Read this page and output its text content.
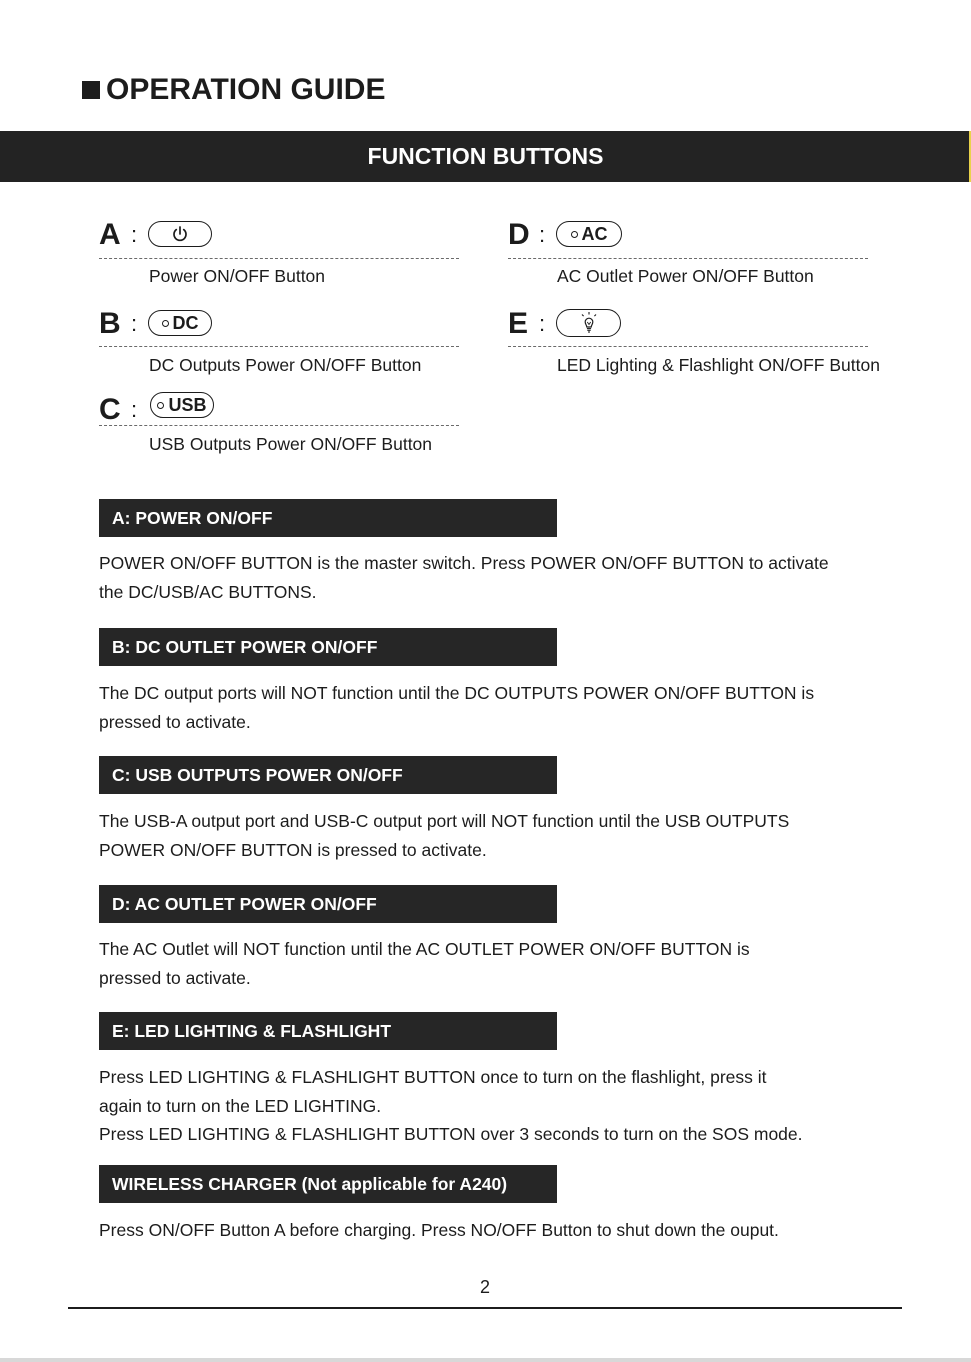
OPERATION GUIDE
FUNCTION BUTTONS
A :
Power ON/OFF Button
B : DC
DC Outputs Power ON/OFF Button
C : USB
USB Outputs Power ON/OFF Button
D : AC
AC Outlet Power ON/OFF Button
E :
LED Lighting & Flashlight ON/OFF Button
A: POWER ON/OFF
POWER ON/OFF BUTTON is the master switch. Press POWER ON/OFF BUTTON to activate
the DC/USB/AC BUTTONS.
B: DC OUTLET POWER ON/OFF
The DC output ports will NOT function until the DC OUTPUTS POWER ON/OFF BUTTON is
pressed to activate.
C: USB OUTPUTS POWER ON/OFF
The USB-A output port and USB-C output port will NOT function until the USB OUTPUTS
POWER ON/OFF BUTTON is pressed to activate.
D: AC OUTLET POWER ON/OFF
The AC Outlet will NOT function until the AC OUTLET POWER ON/OFF BUTTON is
pressed to activate.
E: LED LIGHTING & FLASHLIGHT
Press LED LIGHTING & FLASHLIGHT BUTTON once to turn on the flashlight, press it
again to turn on the LED LIGHTING.
Press LED LIGHTING & FLASHLIGHT BUTTON over 3 seconds to turn on the SOS mode.
WIRELESS CHARGER (Not applicable for A240)
Press ON/OFF Button A before charging. Press NO/OFF Button to shut down the ouput.
2
